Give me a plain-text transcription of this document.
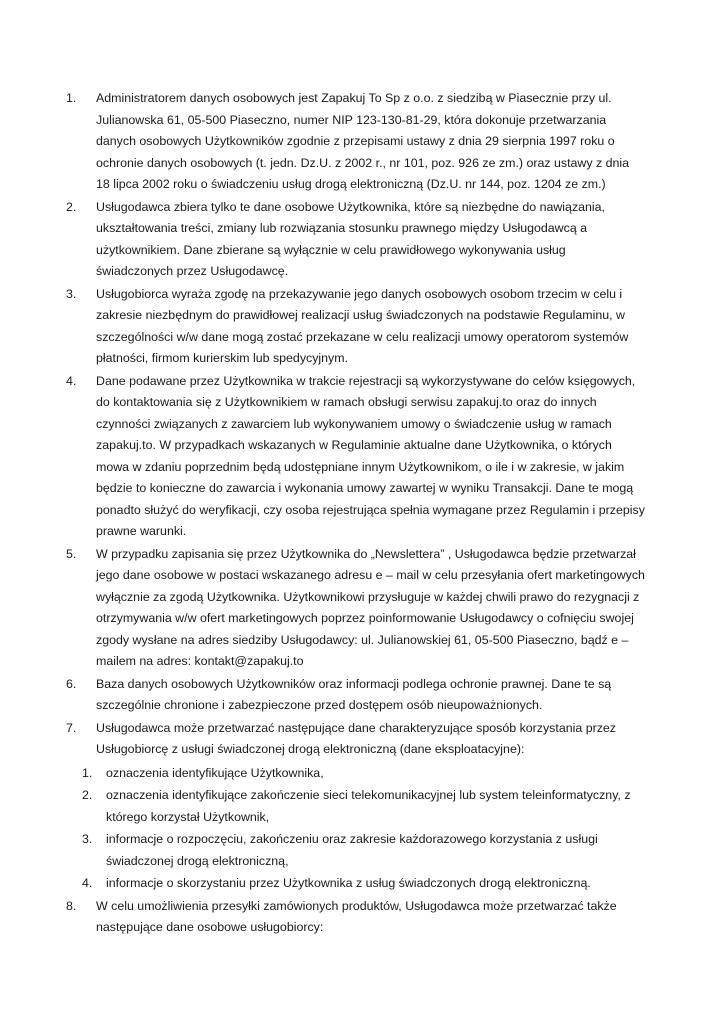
1. Administratorem danych osobowych jest Zapakuj To Sp z o.o. z siedzibą w Piasecznie przy ul. Julianowska 61, 05-500 Piaseczno, numer NIP 123-130-81-29, która dokonuje przetwarzania danych osobowych Użytkowników zgodnie z przepisami ustawy z dnia 29 sierpnia 1997 roku o ochronie danych osobowych (t. jedn. Dz.U. z 2002 r., nr 101, poz. 926 ze zm.) oraz ustawy z dnia 18 lipca 2002 roku o świadczeniu usług drogą elektroniczną (Dz.U. nr 144, poz. 1204 ze zm.)
2. Usługodawca zbiera tylko te dane osobowe Użytkownika, które są niezbędne do nawiązania, ukształtowania treści, zmiany lub rozwiązania stosunku prawnego między Usługodawcą a użytkownikiem. Dane zbierane są wyłącznie w celu prawidłowego wykonywania usług świadczonych przez Usługodawcę.
3. Usługobiorca wyraża zgodę na przekazywanie jego danych osobowych osobom trzecim w celu i zakresie niezbędnym do prawidłowej realizacji usług świadczonych na podstawie Regulaminu, w szczególności w/w dane mogą zostać przekazane w celu realizacji umowy operatorom systemów płatności, firmom kurierskim lub spedycyjnym.
4. Dane podawane przez Użytkownika w trakcie rejestracji są wykorzystywane do celów księgowych, do kontaktowania się z Użytkownikiem w ramach obsługi serwisu zapakuj.to oraz do innych czynności związanych z zawarciem lub wykonywaniem umowy o świadczenie usług w ramach zapakuj.to. W przypadkach wskazanych w Regulaminie aktualne dane Użytkownika, o których mowa w zdaniu poprzednim będą udostępniane innym Użytkownikom, o ile i w zakresie, w jakim będzie to konieczne do zawarcia i wykonania umowy zawartej w wyniku Transakcji. Dane te mogą ponadto służyć do weryfikacji, czy osoba rejestrująca spełnia wymagane przez Regulamin i przepisy prawne warunki.
5. W przypadku zapisania się przez Użytkownika do „Newslettera” , Usługodawca będzie przetwarzał jego dane osobowe w postaci wskazanego adresu e – mail w celu przesyłania ofert marketingowych wyłącznie za zgodą Użytkownika. Użytkownikowi przysługuje w każdej chwili prawo do rezygnacji z otrzymywania w/w ofert marketingowych poprzez poinformowanie Usługodawcy o cofnięciu swojej zgody wysłane na adres siedziby Usługodawcy: ul. Julianowskiej 61, 05-500 Piaseczno, bądź e – mailem na adres: kontakt@zapakuj.to
6. Baza danych osobowych Użytkowników oraz informacji podlega ochronie prawnej. Dane te są szczególnie chronione i zabezpieczone przed dostępem osób nieupoważnionych.
7. Usługodawca może przetwarzać następujące dane charakteryzujące sposób korzystania przez Usługobiorcę z usługi świadczonej drogą elektroniczną (dane eksploatacyjne):
1. oznaczenia identyfikujące Użytkownika,
2. oznaczenia identyfikujące zakończenie sieci telekomunikacyjnej lub system teleinformatyczny, z którego korzystał Użytkownik,
3. informacje o rozpoczęciu, zakończeniu oraz zakresie każdorazowego korzystania z usługi świadczonej drogą elektroniczną,
4. informacje o skorzystaniu przez Użytkownika z usług świadczonych drogą elektroniczną.
8. W celu umożliwienia przesyłki zamówionych produktów, Usługodawca może przetwarzać także następujące dane osobowe usługobiorcy:
